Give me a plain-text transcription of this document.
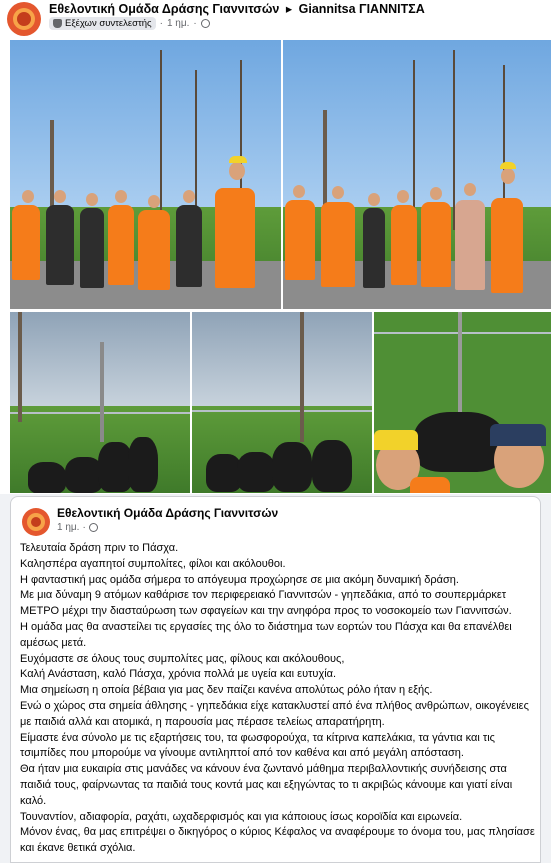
Εθελοντική Ομάδα Δράσης Γιαννιτσών ▸ Giannitsa ΓΙΑΝΝΙΤΣΑ
Εξέχων συντελεστής · 1 ημ. ·
Εθελοντική Ομάδα Δράσης Γιαννιτσών
1 ημ. ·

Τελευταία δράση πριν το Πάσχα.

Καλησπέρα αγαπητοί συμπολίτες, φίλοι και ακόλουθοι.

Η φανταστική μας ομάδα σήμερα το απόγευμα προχώρησε σε μια ακόμη δυναμική δράση.

Με μια δύναμη 9 ατόμων καθάρισε τον περιφερειακό Γιαννιτσών - γηπεδάκια, από το σουπερμάρκετ ΜΕΤΡΟ μέχρι την διασταύρωση των σφαγείων και την ανηφόρα προς το νοσοκομείο των Γιαννιτσών.

Η ομάδα μας θα αναστείλει τις εργασίες της όλο το διάστημα των εορτών του Πάσχα και θα επανέλθει αμέσως μετά.

Ευχόμαστε σε όλους τους συμπολίτες μας, φίλους και ακόλουθους,

Καλή Ανάσταση, καλό Πάσχα, χρόνια πολλά με υγεία και ευτυχία.

Μια σημείωση η οποία βέβαια για μας δεν παίζει κανένα απολύτως ρόλο ήταν η εξής.

Ενώ ο χώρος στα σημεία άθλησης - γηπεδάκια είχε κατακλυστεί από ένα πλήθος ανθρώπων, οικογένειες με παιδιά αλλά και ατομικά, η παρουσία μας πέρασε τελείως απαρατήρητη.

Είμαστε ένα σύνολο με τις εξαρτήσεις του, τα φωσφορούχα, τα κίτρινα καπελάκια, τα γάντια και τις τσιμπίδες που μπορούμε να γίνουμε αντιληπτοί από τον καθένα και από μεγάλη απόσταση.

Θα ήταν μια ευκαιρία στις μανάδες να κάνουν ένα ζωντανό μάθημα περιβαλλοντικής συνήδεισης στα παιδιά τους, φαίρνωντας τα παιδιά τους κοντά μας και εξηγώντας το τι ακριβώς κάνουμε και γιατί είναι καλό.

Τουναντίον, αδιαφορία, ραχάτι, ωχαδερφισμός και για κάποιους ίσως κοροϊδία και ειρωνεία.

Μόνον ένας, θα μας επιτρέψει ο δικηγόρος ο κύριος Κέφαλος να αναφέρουμε το όνομα του, μας πλησίασε και έκανε θετικά σχόλια.
